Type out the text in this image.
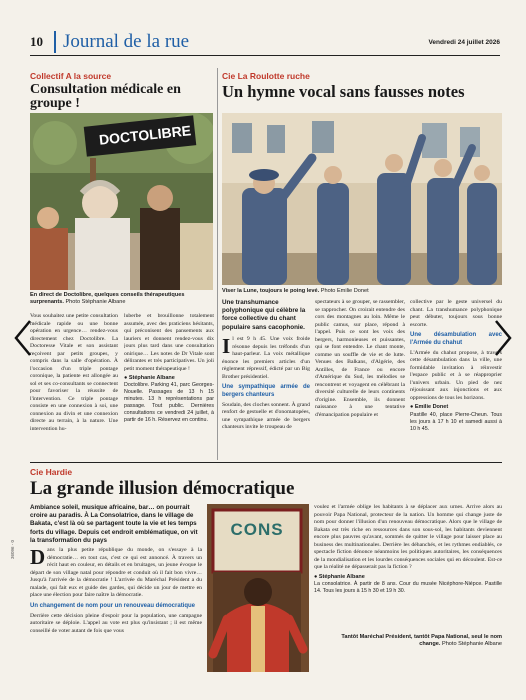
10 Journal de la rue	Vendredi 24 juillet 2026
Collectif A la source
Consultation médicale en groupe !
DOCTOLIBRE
En direct de Doctolibre, quelques conseils thérapeutiques surprenants. Photo Stéphanie Albane

Vous souhaitez une petite consultation médicale rapide ou une bonne opération en urgence… rendez-vous directement chez Doctolibre. La Doctoresse Vitale et son assistant reçoivent par petits groupes, y compris dans la salle d'opération. À l'occasion d'un triple pontage coronique, la patiente est allongée au sol et ses co-consultants se connectent pour favoriser la réussite de l'intervention. Ce triple pontage consiste en une connexion à soi, une connexion au divin et une connexion directe au terrain, à la nature. Une intervention hu-

luberbe et brouillonne totalement assumée, avec des praticiens hésitants, qui préconisent des pansements aux lauriers et donnent rendez-vous dix jours plus tard dans une consultation onirique… Les notes de Dr Vitale sont délirantes et très participatives. Un joli petit moment thérapeutique !

● Stéphanie Albane
Doctolibre. Parking 41, parc Georges-Nouelle. Passages de 13 h 15 minutes. 13 h représentations par passage. Tout public. Dernières consultations ce vendredi 24 juillet, à partir de 16 h. Réservez en continu.
Cie La Roulotte ruche
Un hymne vocal sans fausses notes
Viser la Lune, toujours le poing levé. Photo Emilie Donet
Une transhumance polyphonique qui célèbre la force collective du chant populaire sans cacophonie.

Il est 9 h 45. Une voix froide résonne depuis les tréfonds d'un haut-parleur. La voix métallique énonce les premiers articles d'un règlement répressif, édicté par un Big Brother présidentiel.

Une sympathique armée de bergers chanteurs

Soudain, des cloches sonnent. À grand renfort de gestuelle et d'onomatopées, une sympathique armée de bergers chanteurs invite le troupeau de

spectateurs à se grouper, se rassembler, se rapprocher. On croirait entendre des cors des montagnes au loin. Même le public camus, sur place, répond à l'appel. Puis ce sont les voix des bergers, harmonieuses et puissantes, qui se font entendre. Le chant monte, comme un souffle de vie et de lutte. Venues des Balkans, d'Algérie, des Antilles, de France ou encore d'Amérique du Sud, les mélodies se rencontrent et voyagent en célébrant la diversité culturelle de leurs continents d'origine. Ensemble, ils donnent naissance à une tentative d'émancipation populaire et

collective par le geste universel du chant. La transhumance polyphonique peut débuter, toujours sous bonne escorte.

Une désambulation avec l'Armée du chahut

L'Armée du chahut propose, à travers cette désambulation dans la ville, une formidable invitation à réinvestir l'espace public et à se réapproprier l'univers urbain. Un pied de nez réjouissant aux injonctions et aux oppressions de tous les horizons.

● Emilie Donet
Pastille 40, place Pierre-Cheun. Tous les jours à 17 h 10 et samedi aussi à 10 h 45.
Cie Hardie
La grande illusion démocratique
Ambiance soleil, musique africaine, bar… on pourrait croire au paradis. À La Consolatrice, dans le village de Bakata, c'est là où se partagent toute la vie et les temps forts du village. Depuis cet endroit emblématique, on vit la transformation du pays

Dans la plus petite république du monde, on s'essaye à la démocratie… en tout cas, c'est ce qui est annoncé. À travers un récit haut en couleur, en détails et en bruitages, un jeune évoque le départ de son village natal pour répondre et conduit où il fait bon vivre… Jusqu'à l'arrivée de la démocratie ! L'arrivée du Maréchal Président a du malade, qui fait eux et guide des gardes, qui décide un jour de mettre en place une élection pour faire naître la démocratie.

Un changement de nom pour un renouveau démocratique

Derrière cette décision pleine d'espoir pour la population, une campagne autoritaire se déploie. L'appel au vote est plus qu'insistant ; il est même conseillé de voter autant de fois que vous

CONS

voulez et l'armée oblige les habitants à se déplacer aux urnes. Arrive alors au pouvoir Papa National, protecteur de la nation. Un homme qui change juste de nom pour donner l'illusion d'un renouveau démocratique. Alors que le village de Bakata est très riche en ressources dans son sous-sol, les habitants deviennent encore plus pauvres qu'avant, sommés de quitter le village pour laisser place au business des multinationales. Derrière les déhanchés, et les rythmes endiablés, ce spectacle fiction dénonce néanmoins les politiques autoritaires, les conséquences de la mondialisation et les lourdes conséquences sociales qui en découlent. Est-ce que la réalité ne dépasserait pas la fiction ?

● Stéphanie Albane
La consolatrice. À partir de 8 ans. Cour du musée Nicéphore-Niépce. Pastille 14. Tous les jours à 15 h 30 et 19 h 30.
Tantôt Maréchal Président, tantôt Papa National, seul le nom change. Photo Stéphanie Albane
36096 - 0
